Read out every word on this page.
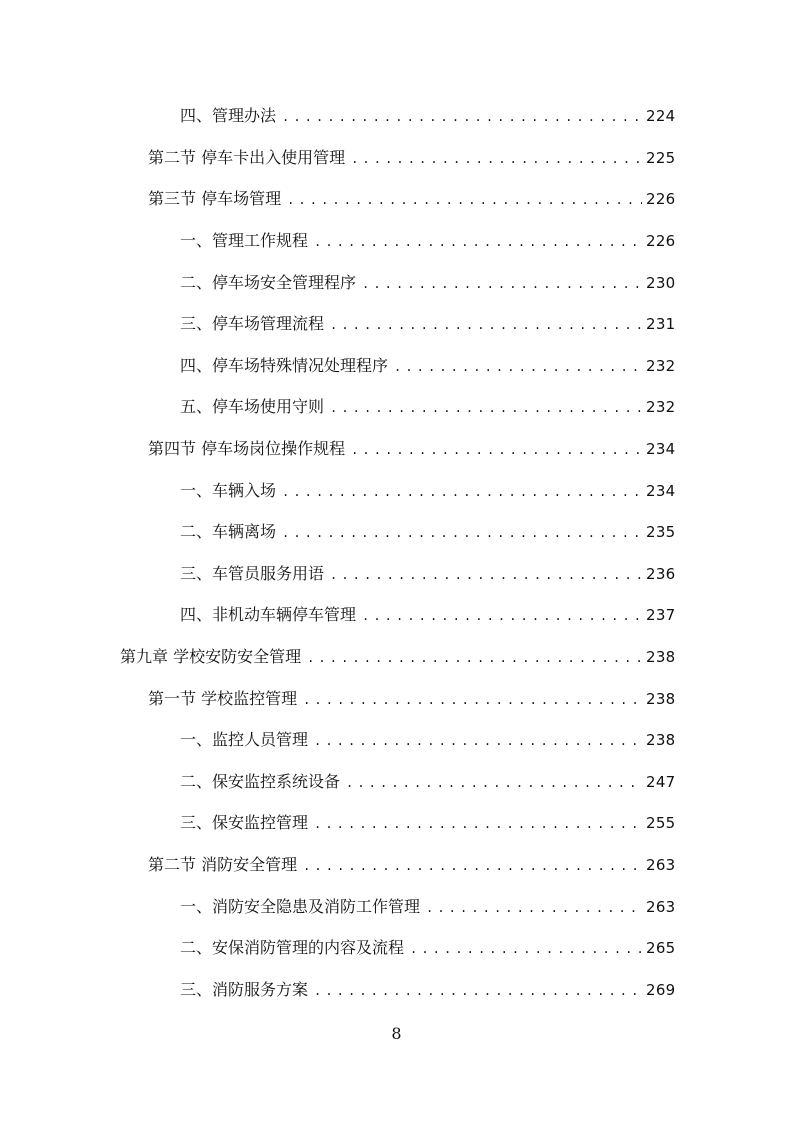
四、管理办法 .....	224
第二节 停车卡出入使用管理 .....	225
第三节 停车场管理 .....	226
一、管理工作规程 .....	226
二、停车场安全管理程序 .....	230
三、停车场管理流程 .....	231
四、停车场特殊情况处理程序 .....	232
五、停车场使用守则 .....	232
第四节 停车场岗位操作规程 .....	234
一、车辆入场 .....	234
二、车辆离场 .....	235
三、车管员服务用语 .....	236
四、非机动车辆停车管理 .....	237
第九章 学校安防安全管理 .....	238
第一节 学校监控管理 .....	238
一、监控人员管理 .....	238
二、保安监控系统设备 .....	247
三、保安监控管理 .....	255
第二节 消防安全管理 .....	263
一、消防安全隐患及消防工作管理 .....	263
二、安保消防管理的内容及流程 .....	265
三、消防服务方案 .....	269
8
